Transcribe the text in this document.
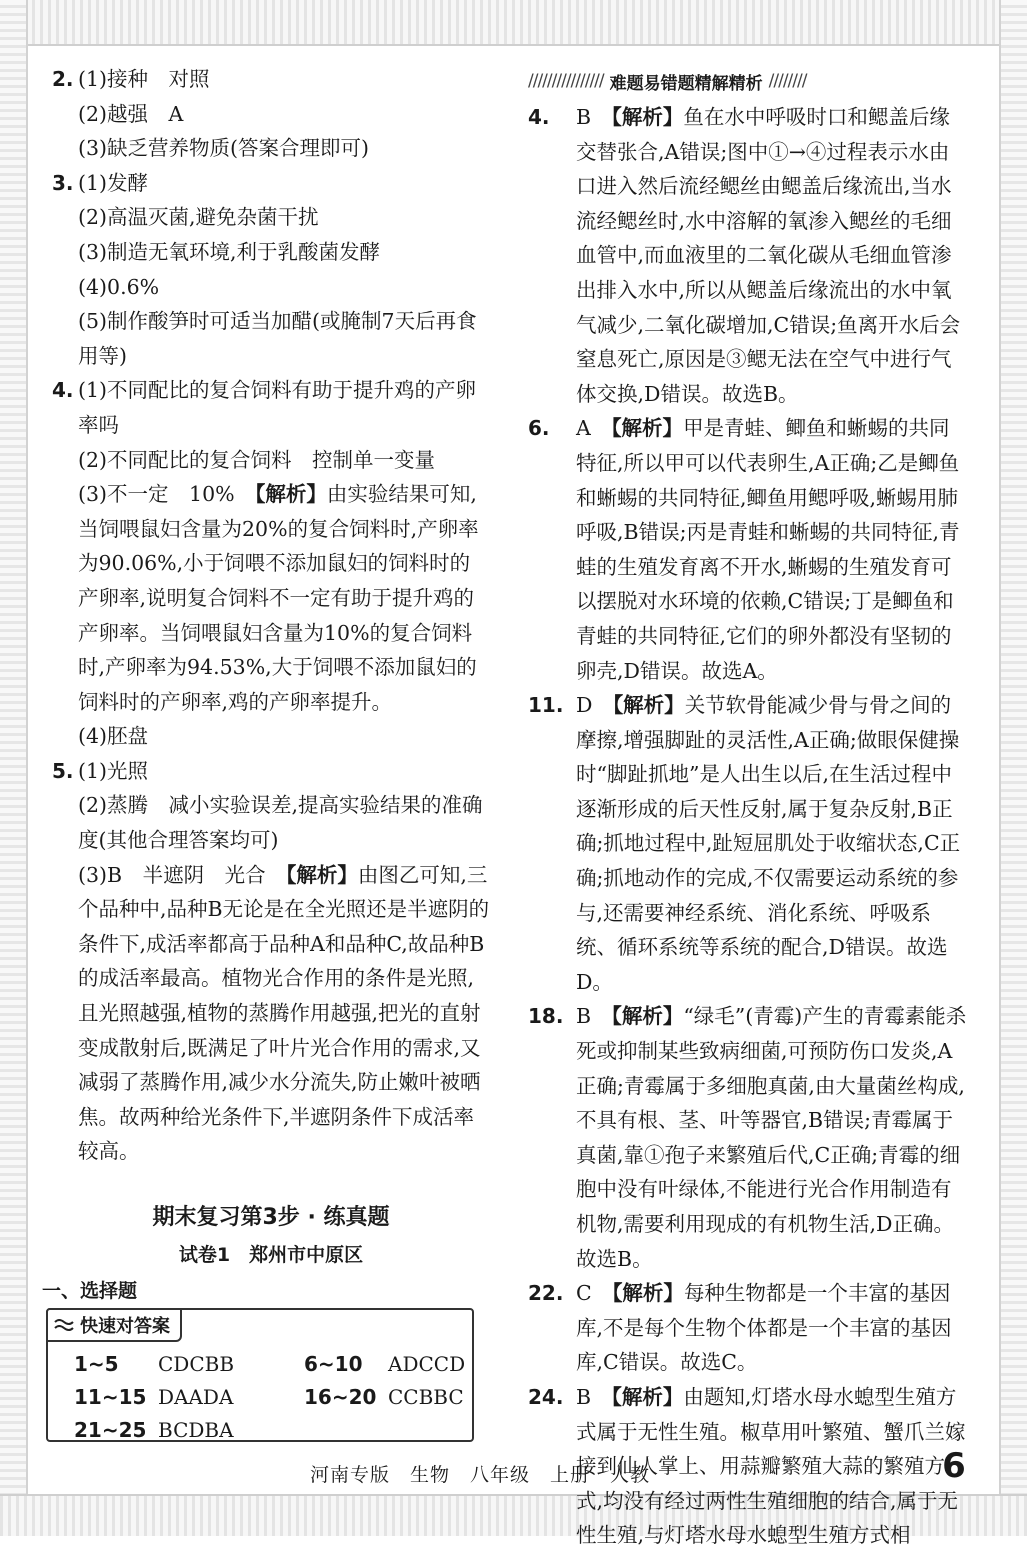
2. (1)接种　对照
(2)越强　A
(3)缺乏营养物质(答案合理即可)
3. (1)发酵
(2)高温灭菌,避免杂菌干扰
(3)制造无氧环境,利于乳酸菌发酵
(4)0.6%
(5)制作酸笋时可适当加醋(或腌制7天后再食用等)
4. (1)不同配比的复合饲料有助于提升鸡的产卵率吗
(2)不同配比的复合饲料　控制单一变量
(3)不一定　10%　【解析】由实验结果可知,当饲喂鼠妇含量为20%的复合饲料时,产卵率为90.06%,小于饲喂不添加鼠妇的饲料时的产卵率,说明复合饲料不一定有助于提升鸡的产卵率。当饲喂鼠妇含量为10%的复合饲料时,产卵率为94.53%,大于饲喂不添加鼠妇的饲料时的产卵率,鸡的产卵率提升。
(4)胚盘
5. (1)光照
(2)蒸腾　减小实验误差,提高实验结果的准确度(其他合理答案均可)
(3)B　半遮阴　光合　【解析】由图乙可知,三个品种中,品种B无论是在全光照还是半遮阴的条件下,成活率都高于品种A和品种C,故品种B的成活率最高。植物光合作用的条件是光照,且光照越强,植物的蒸腾作用越强,把光的直射变成散射后,既满足了叶片光合作用的需求,又减弱了蒸腾作用,减少水分流失,防止嫩叶被晒焦。故两种给光条件下,半遮阴条件下成活率较高。
期末复习第3步 · 练真题
试卷1　郑州市中原区
一、选择题
快速对答案
1~5	CDCBB	6~10	ADCCD
11~15 DAADA	16~20 CCBBC
21~25 BCDBA
//////////////// 难题易错题精解精析 ////////
4. B　 【解析】鱼在水中呼吸时口和鳃盖后缘交替张合,A错误;图中①→④过程表示水由口进入然后流经鳃丝由鳃盖后缘流出,当水流经鳃丝时,水中溶解的氧渗入鳃丝的毛细血管中,而血液里的二氧化碳从毛细血管渗出排入水中,所以从鳃盖后缘流出的水中氧气减少,二氧化碳增加,C错误;鱼离开水后会窒息死亡,原因是③鳃无法在空气中进行气体交换,D错误。故选B。
6. A　 【解析】甲是青蛙、鲫鱼和蜥蜴的共同特征,所以甲可以代表卵生,A正确;乙是鲫鱼和蜥蜴的共同特征,鲫鱼用鳃呼吸,蜥蜴用肺呼吸,B错误;丙是青蛙和蜥蜴的共同特征,青蛙的生殖发育离不开水,蜥蜴的生殖发育可以摆脱对水环境的依赖,C错误;丁是鲫鱼和青蛙的共同特征,它们的卵外都没有坚韧的卵壳,D错误。故选A。
11. D　 【解析】关节软骨能减少骨与骨之间的摩擦,增强脚趾的灵活性,A正确;做眼保健操时“脚趾抓地”是人出生以后,在生活过程中逐渐形成的后天性反射,属于复杂反射,B正确;抓地过程中,趾短屈肌处于收缩状态,C正确;抓地动作的完成,不仅需要运动系统的参与,还需要神经系统、消化系统、呼吸系统、循环系统等系统的配合,D错误。故选D。
18. B　 【解析】“绿毛”(青霉)产生的青霉素能杀死或抑制某些致病细菌,可预防伤口发炎,A正确;青霉属于多细胞真菌,由大量菌丝构成,不具有根、茎、叶等器官,B错误;青霉属于真菌,靠①孢子来繁殖后代,C正确;青霉的细胞中没有叶绿体,不能进行光合作用制造有机物,需要利用现成的有机物生活,D正确。故选B。
22. C　 【解析】每种生物都是一个丰富的基因库,不是每个生物个体都是一个丰富的基因库,C错误。故选C。
24. B　 【解析】由题知,灯塔水母水螅型生殖方式属于无性生殖。椒草用叶繁殖、蟹爪兰嫁接到仙人掌上、用蒜瓣繁殖大蒜的繁殖方式,均没有经过两性生殖细胞的结合,属于无性生殖,与灯塔水母水螅型生殖方式相
河南专版　生物　八年级　上册　人教	6
